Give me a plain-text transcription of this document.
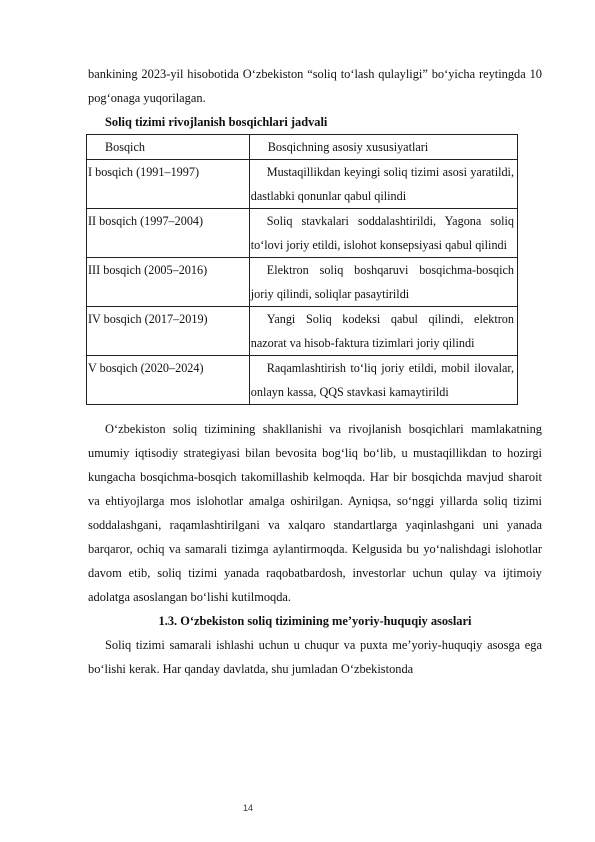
bankining 2023-yil hisobotida O‘zbekiston “soliq to‘lash qulayligi” bo‘yicha reytingda 10 pog‘onaga yuqorilagan.

Soliq tizimi rivojlanish bosqichlari jadvali

Bosqich	Bosqichning asosiy xususiyatlari
I bosqich (1991–1997)	Mustaqillikdan keyingi soliq tizimi asosi yaratildi, dastlabki qonunlar qabul qilindi

II bosqich (1997–2004)	Soliq stavkalari soddalashtirildi, Yagona soliq to‘lovi joriy etildi, islohot konsepsiyasi qabul qilindi

III bosqich (2005–2016)	Elektron soliq boshqaruvi bosqichma-bosqich joriy qilindi, soliqlar pasaytirildi

IV bosqich (2017–2019)	Yangi Soliq kodeksi qabul qilindi, elektron nazorat va hisob-faktura tizimlari joriy qilindi

V bosqich (2020–2024)	Raqamlashtirish to‘liq joriy etildi, mobil ilovalar, onlayn kassa, QQS stavkasi kamaytirildi

O‘zbekiston soliq tizimining shakllanishi va rivojlanish bosqichlari mamlakatning umumiy iqtisodiy strategiyasi bilan bevosita bog‘liq bo‘lib, u mustaqillikdan to hozirgi kungacha bosqichma-bosqich takomillashib kelmoqda. Har bir bosqichda mavjud sharoit va ehtiyojlarga mos islohotlar amalga oshirilgan. Ayniqsa, so‘nggi yillarda soliq tizimi soddalashgani, raqamlashtirilgani va xalqaro standartlarga yaqinlashgani uni yanada barqaror, ochiq va samarali tizimga aylantirmoqda. Kelgusida bu yo‘nalishdagi islohotlar davom etib, soliq tizimi yanada raqobatbardosh, investorlar uchun qulay va ijtimoiy adolatga asoslangan bo‘lishi kutilmoqda.

1.3. O‘zbekiston soliq tizimining me’yoriy-huquqiy asoslari

Soliq tizimi samarali ishlashi uchun u chuqur va puxta me’yoriy-huquqiy asosga ega bo‘lishi kerak. Har qanday davlatda, shu jumladan O‘zbekistonda

14
